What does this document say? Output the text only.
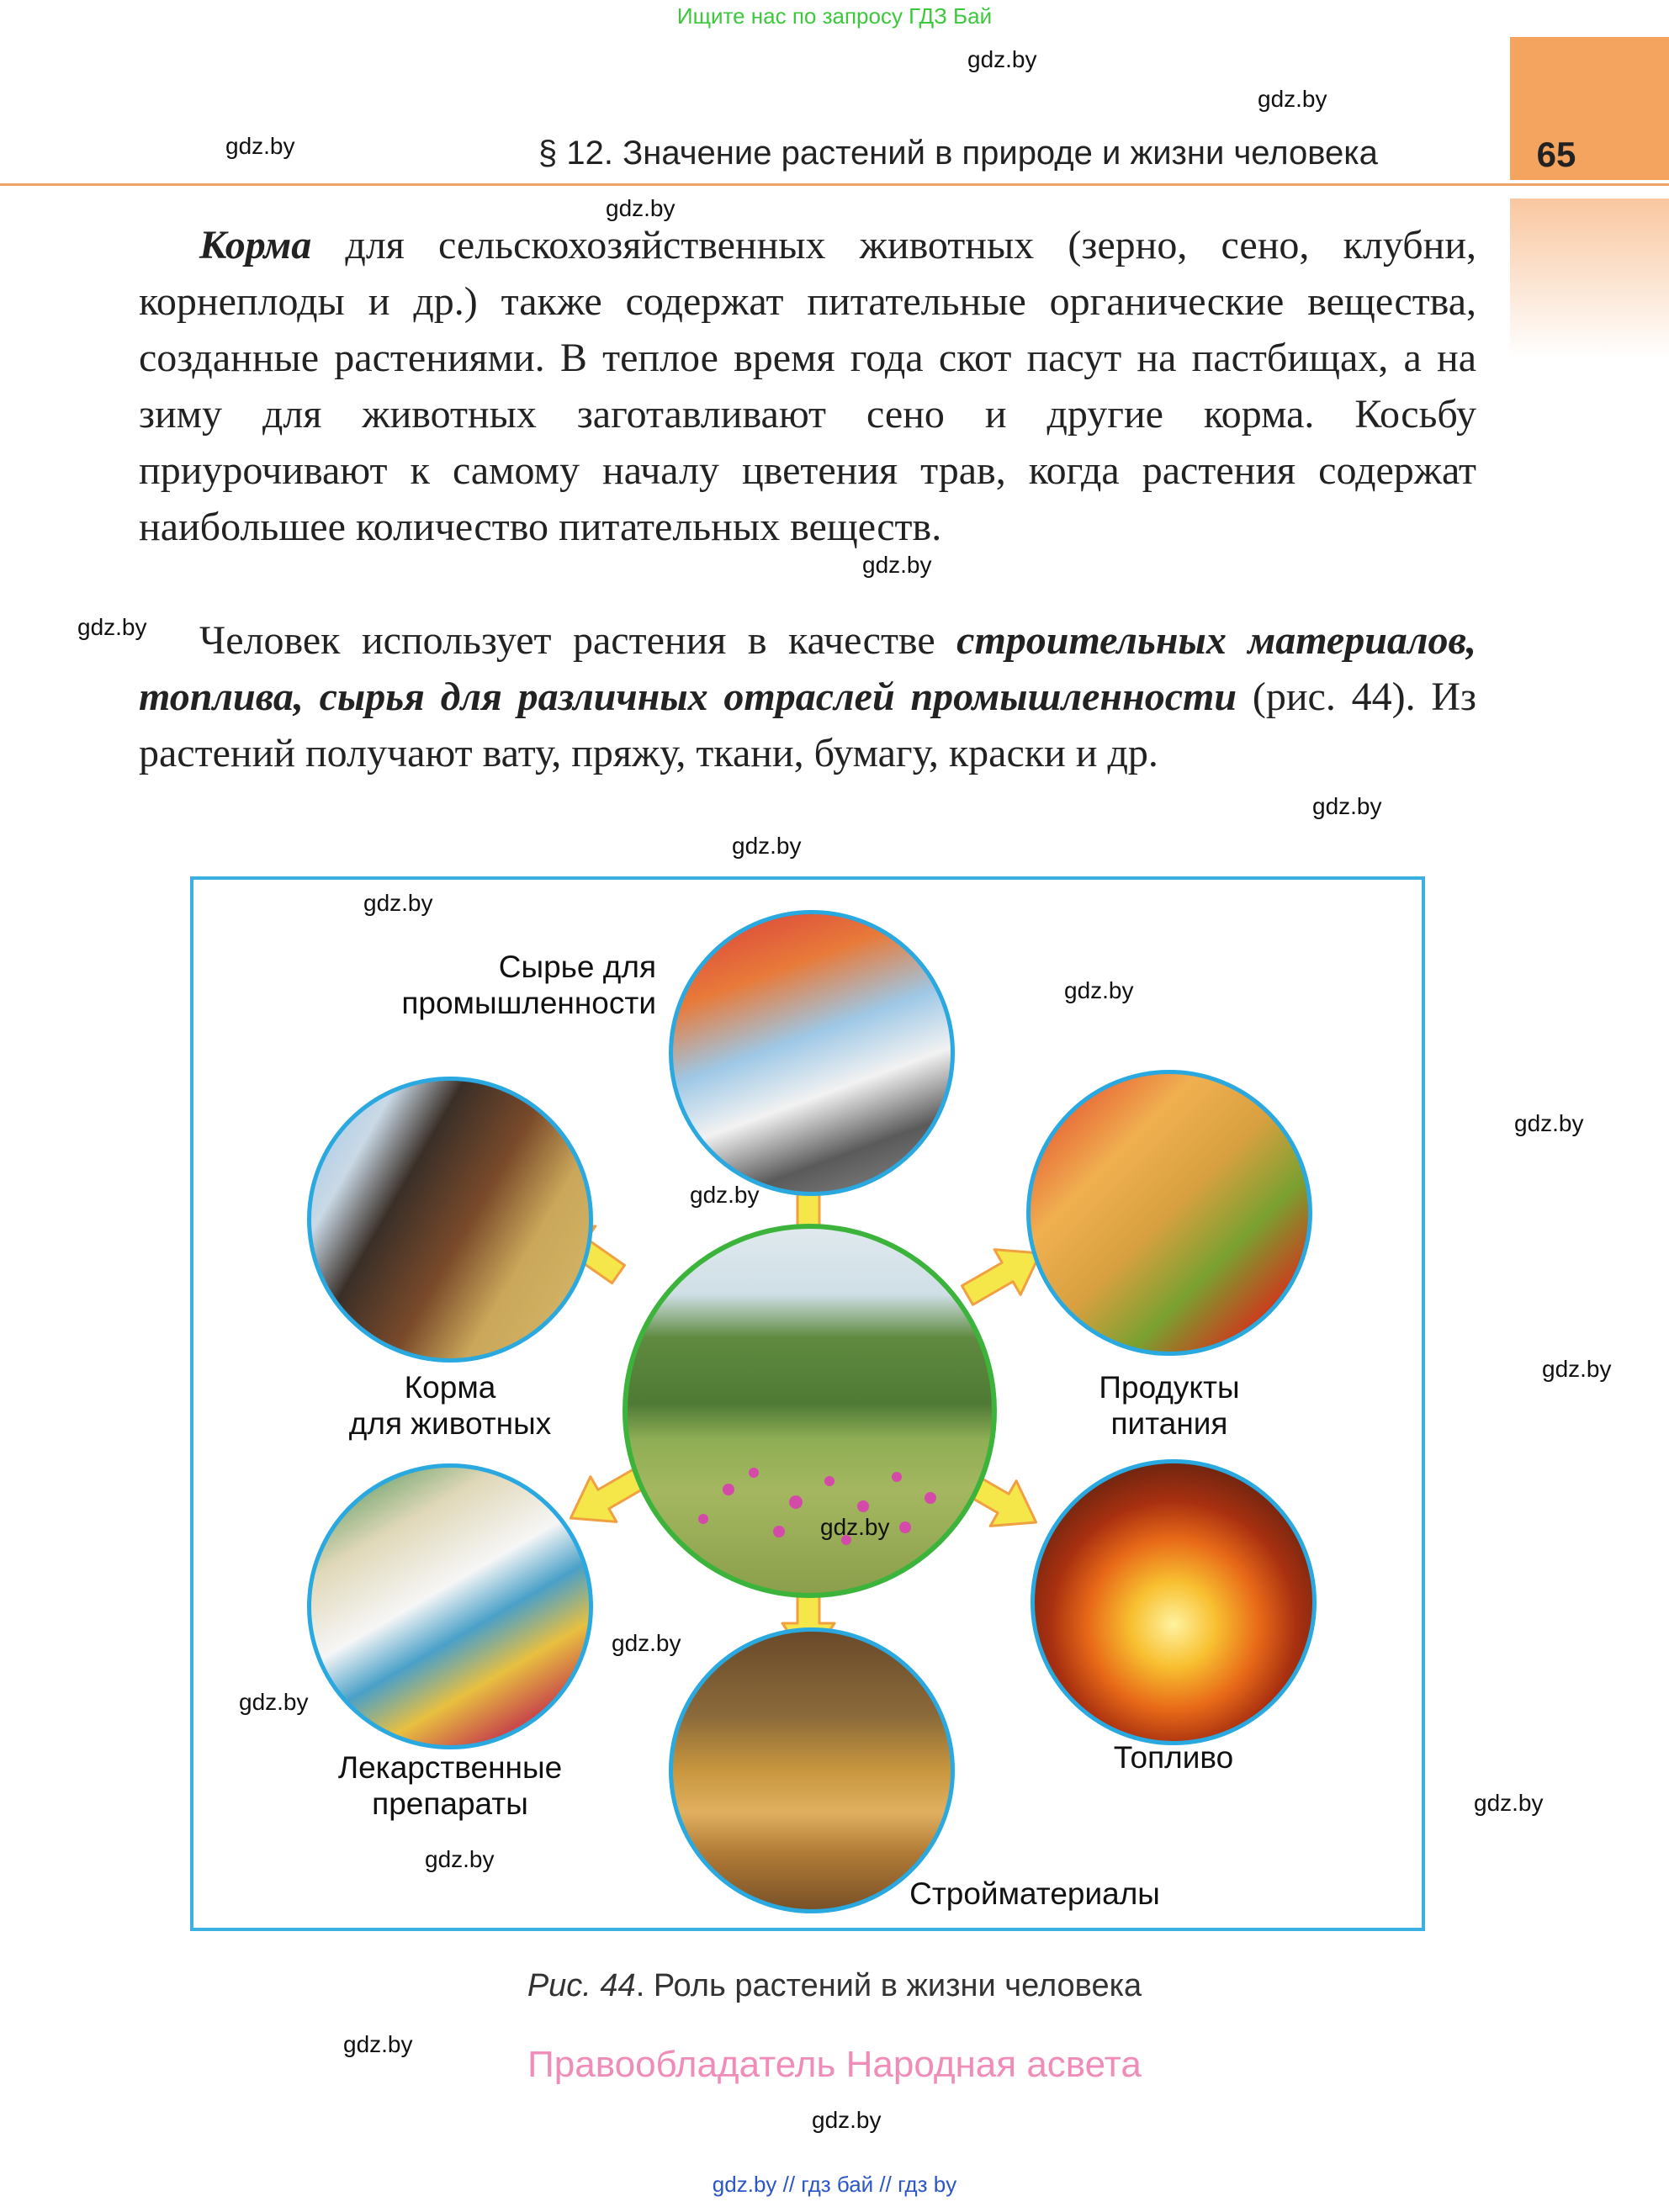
Ищите нас по запросу ГДЗ Бай
§ 12. Значение растений в природе и жизни человека	65
Корма для сельскохозяйственных животных (зерно, сено, клубни, корнеплоды и др.) также содержат питательные органические вещества, созданные растениями. В теплое время года скот пасут на пастбищах, а на зиму для животных заготавливают сено и другие корма. Косьбу приурочивают к самому началу цветения трав, когда растения содержат наибольшее количество питательных веществ.
Человек использует растения в качестве строительных материалов, топлива, сырья для различных отраслей промышленности (рис. 44). Из растений получают вату, пряжу, ткани, бумагу, краски и др.
Сырье для
промышленности
Корма
для животных
Продукты
питания
Лекарственные
препараты
Топливо
Стройматериалы
Рис. 44. Роль растений в жизни человека
Правообладатель Народная асвета
gdz.by // гдз бай // гдз by
gdz.by
gdz.by
gdz.by
gdz.by
gdz.by
gdz.by
gdz.by
gdz.by
gdz.by
gdz.by
gdz.by
gdz.by
gdz.by
gdz.by
gdz.by
gdz.by
gdz.by
gdz.by
gdz.by
gdz.by
